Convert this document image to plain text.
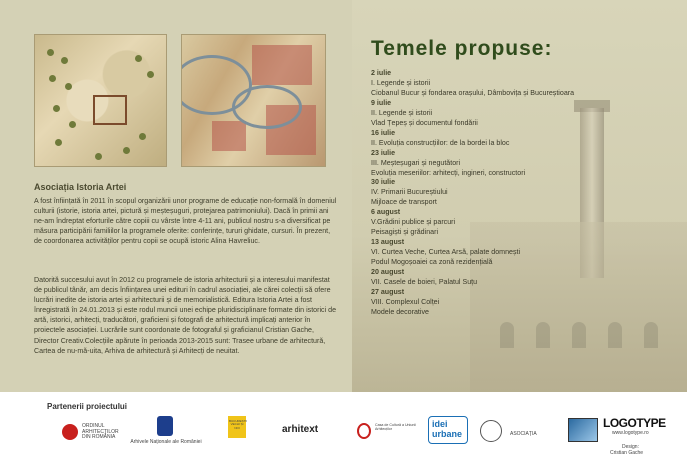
Asociația Istoria Artei
A fost înființată în 2011 în scopul organizării unor programe de educație non-formală în domeniul culturii (istorie, istoria artei, pictură și meșteșuguri, protejarea patrimoniului). Dacă în primii ani ne-am îndreptat eforturile către copiii cu vârste între 4-11 ani, publicul nostru s-a diversificat pe măsura participării familiilor la programele oferite: conferințe, tururi ghidate, cursuri. În prezent, de coordonarea activităților pentru copii se ocupă istoric Alina Havreliuc.
Datorită succesului avut în 2012 cu programele de istoria arhitecturii și a interesului manifestat de publicul tânăr, am decis înființarea unei edituri în cadrul asociației, ale cărei colecții să ofere lucrări inedite de istoria artei și arhitecturii și de memorialistică. Editura Istoria Artei a fost înregistrată în 24.01.2013 și este rodul muncii unei echipe pluridisciplinare formate din istorici de artă, istorici, arhitecți, traducători, graficieni și fotografi de arhitectură implicați anterior în proiectele asociației. Lucrările sunt coordonate de fotograful și graficianul Cristian Gache, Director Creativ.Colecțiile apărute în perioada 2013-2015 sunt: Trasee urbane de arhitectură, Cartea de nu-mă-uita, Arhiva de arhitectură și Arhitecți de neuitat.
Temele propuse:
2 iulie
I. Legende și istorii
Ciobanul Bucur și fondarea orașului, Dâmbovița și Bucureștioara
9 iulie
II. Legende și istorii
Vlad Țepeș și documentul fondării
16 iulie
II. Evoluția construcțiilor: de la bordei la bloc
23 iulie
III. Meșteșugari și negutători
Evoluția meseriilor: arhitecți, ingineri, constructori
30 iulie
IV. Primarii Bucureștiului
Mijloace de transport
6 august
V.Grădini publice și parcuri
Peisagiști și grădinari
13 august
VI. Curtea Veche, Curtea Arsă, palate domnești
Podul Mogoșoaiei ca zonă rezidențială
20 august
VII. Casele de boieri, Palatul Suțu
27 august
VIII. Complexul Colței
Modele decorative
Partenerii proiectului
ORDINUL ARHITECȚILOR DIN ROMÂNIA
Arhivele Naționale ale României
BUCUREȘTII VECHI ȘI NOI	arhitext	Casa de Cultură a Uniunii Arhitecților	idei urbane	ASOCIAȚIA
LOGOTYPE
www.logotype.ro
Design:
Cristian Gache
